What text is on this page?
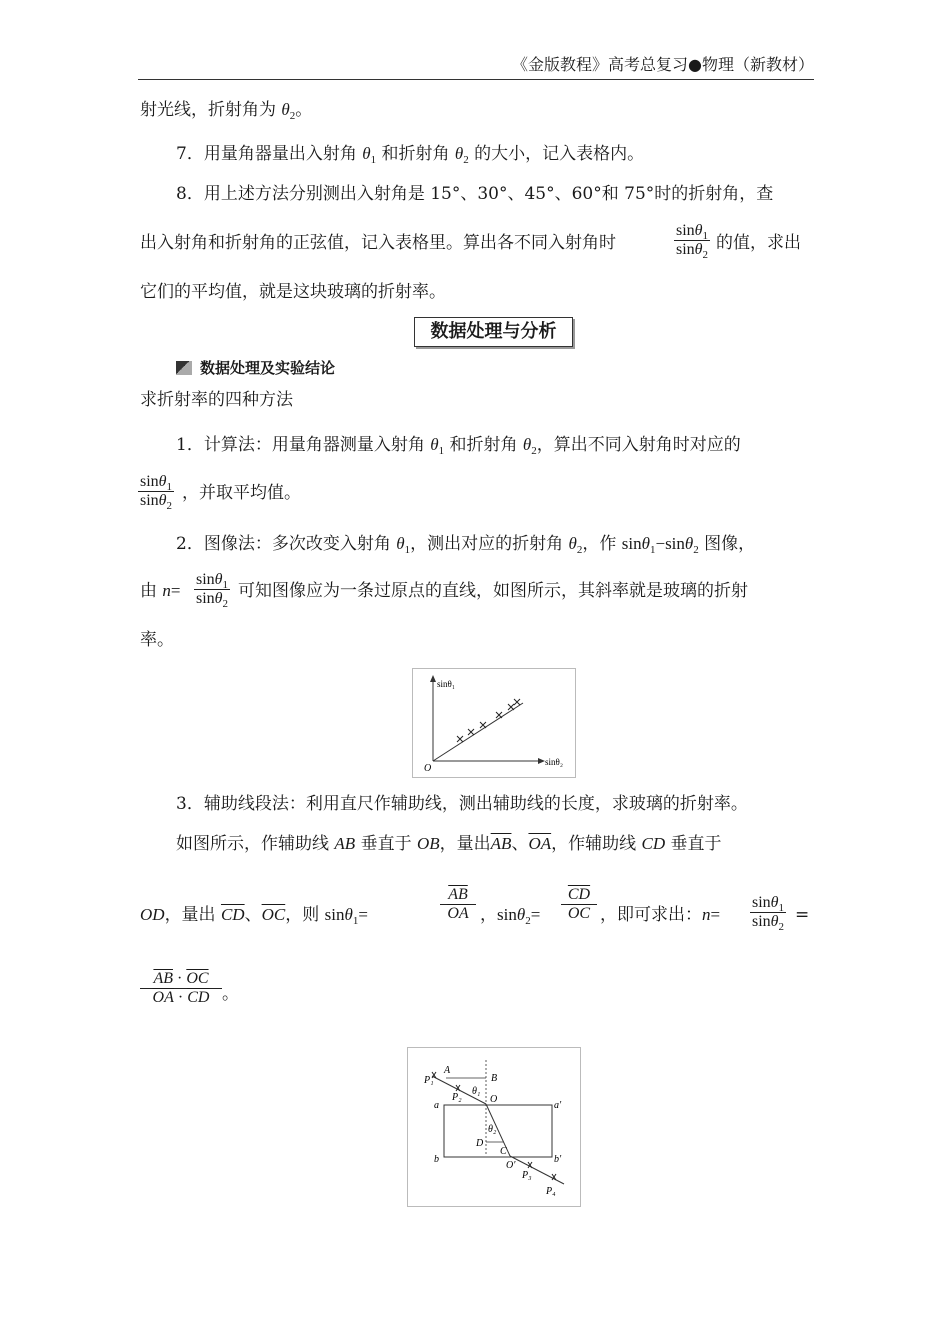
《金版教程》高考总复习●物理（新教材）
射光线，折射角为 $\theta_2$。
7．用量角器量出入射角 $\theta_1$ 和折射角 $\theta_2$ 的大小，记入表格内。
8．用上述方法分别测出入射角是 15°、30°、45°、60°和 75°时的折射角，查
出入射角和折射角的正弦值，记入表格里。算出各不同入射角时	$\frac{\sin\theta_1}{\sin\theta_2}$ 的值，求出
它们的平均值，就是这块玻璃的折射率。
数据处理与分析
数据处理及实验结论
求折射率的四种方法
1．计算法：用量角器测量入射角 $\theta_1$ 和折射角 $\theta_2$，算出不同入射角时对应的
$\frac{\sin\theta_1}{\sin\theta_2}$ ，并取平均值。
2．图像法：多次改变入射角 $\theta_1$，测出对应的折射角 $\theta_2$，作 sinθ$_1$−sinθ$_2$ 图像，
由 $n= \frac{\sin\theta_1}{\sin\theta_2}$ 可知图像应为一条过原点的直线，如图所示，其斜率就是玻璃的折射
率。
sinθ₁
sinθ₂
O
3．辅助线段法：利用直尺作辅助线，测出辅助线的长度，求玻璃的折射率。
如图所示，作辅助线 AB 垂直于 OB，量出$\overline{AB}$、$\overline{OA}$，作辅助线 CD 垂直于
OD，量出 $\overline{CD}$、$\overline{OC}$，则 sinθ$_1$=	$\frac{\overline{AB}}{OA}$ ，$\sin\theta_2= \frac{\overline{CD}}{OC}$ ，即可求出：$n= \frac{\sin\theta_1}{\sin\theta_2}$ =
$\frac{\overline{AB} \cdot \overline{OC}}{\overline{OA} \cdot \overline{CD}}$ 。
P₁
A
B
θ₁
P₂	O
a	a′
θ₂
D
C
b	b′
O′
P₃
P₄
